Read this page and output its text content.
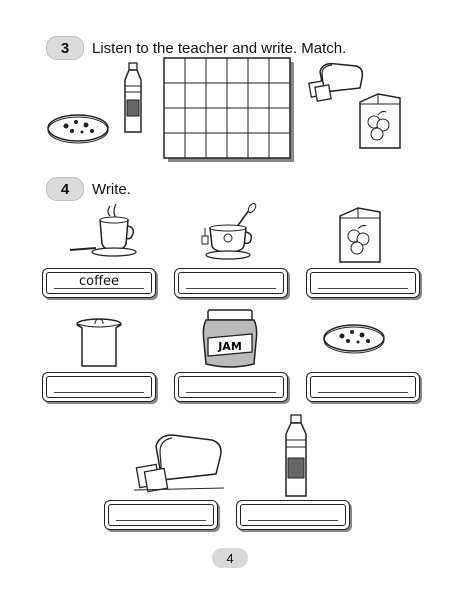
3	Listen to the teacher and write. Match.
4	Write.
coffee
JAM
4
